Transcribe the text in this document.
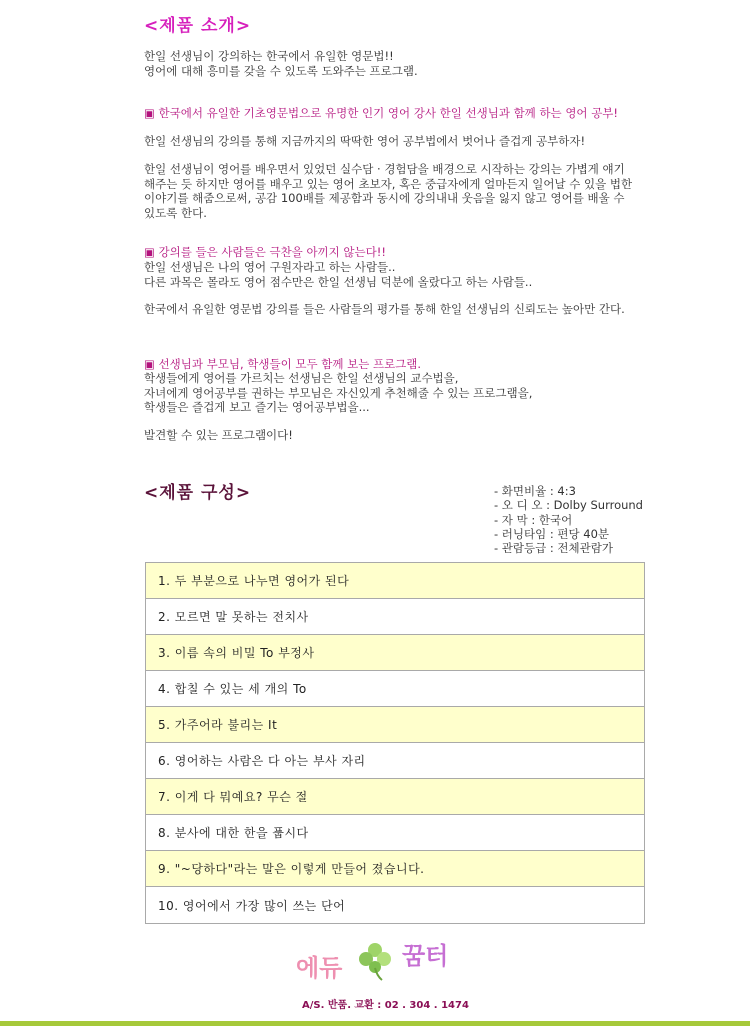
<제품 소개>
한일 선생님이 강의하는 한국에서 유일한 영문법!!
영어에 대해 흥미를 갖을 수 있도록 도와주는 프로그램.
▣ 한국에서 유일한 기초영문법으로 유명한 인기 영어 강사 한일 선생님과 함께 하는 영어 공부!
한일 선생님의 강의를 통해 지금까지의 딱딱한 영어 공부법에서 벗어나 즐겁게 공부하자!
한일 선생님이 영어를 배우면서 있었던 실수담 · 경험담을 배경으로 시작하는 강의는 가볍게 얘기해주는 듯 하지만 영어를 배우고 있는 영어 초보자, 혹은 중급자에게 얼마든지 일어날 수 있을 법한 이야기를 해줌으로써, 공감 100배를 제공함과 동시에 강의내내 웃음을 잃지 않고 영어를 배울 수 있도록 한다.
▣ 강의를 들은 사람들은 극찬을 아끼지 않는다!!
한일 선생님은 나의 영어 구원자라고 하는 사람들..
다른 과목은 몰라도 영어 점수만은 한일 선생님 덕분에 올랐다고 하는 사람들..
한국에서 유일한 영문법 강의를 들은 사람들의 평가를 통해 한일 선생님의 신뢰도는 높아만 간다.
▣ 선생님과 부모님, 학생들이 모두 함께 보는 프로그램.
학생들에게 영어를 가르치는 선생님은 한일 선생님의 교수법을,
자녀에게 영어공부를 권하는 부모님은 자신있게 추천해줄 수 있는 프로그램을,
학생들은 즐겁게 보고 즐기는 영어공부법을...
발견할 수 있는 프로그램이다!
<제품 구성>	- 화면비율 : 4:3
- 오 디 오 : Dolby Surround
- 자 막 : 한국어
- 러닝타임 : 편당 40분
- 관람등급 : 전체관람가
1. 두 부분으로 나누면 영어가 된다
2. 모르면 말 못하는 전치사
3. 이름 속의 비밀 To 부정사
4. 합칠 수 있는 세 개의 To
5. 가주어라 불리는 It
6. 영어하는 사람은 다 아는 부사 자리
7. 이게 다 뭐예요? 무슨 절
8. 분사에 대한 한을 풉시다
9. "~당하다"라는 말은 이렇게 만들어 졌습니다.
10. 영어에서 가장 많이 쓰는 단어
에듀 꿈터
A/S. 반품. 교환 : 02 . 304 . 1474
